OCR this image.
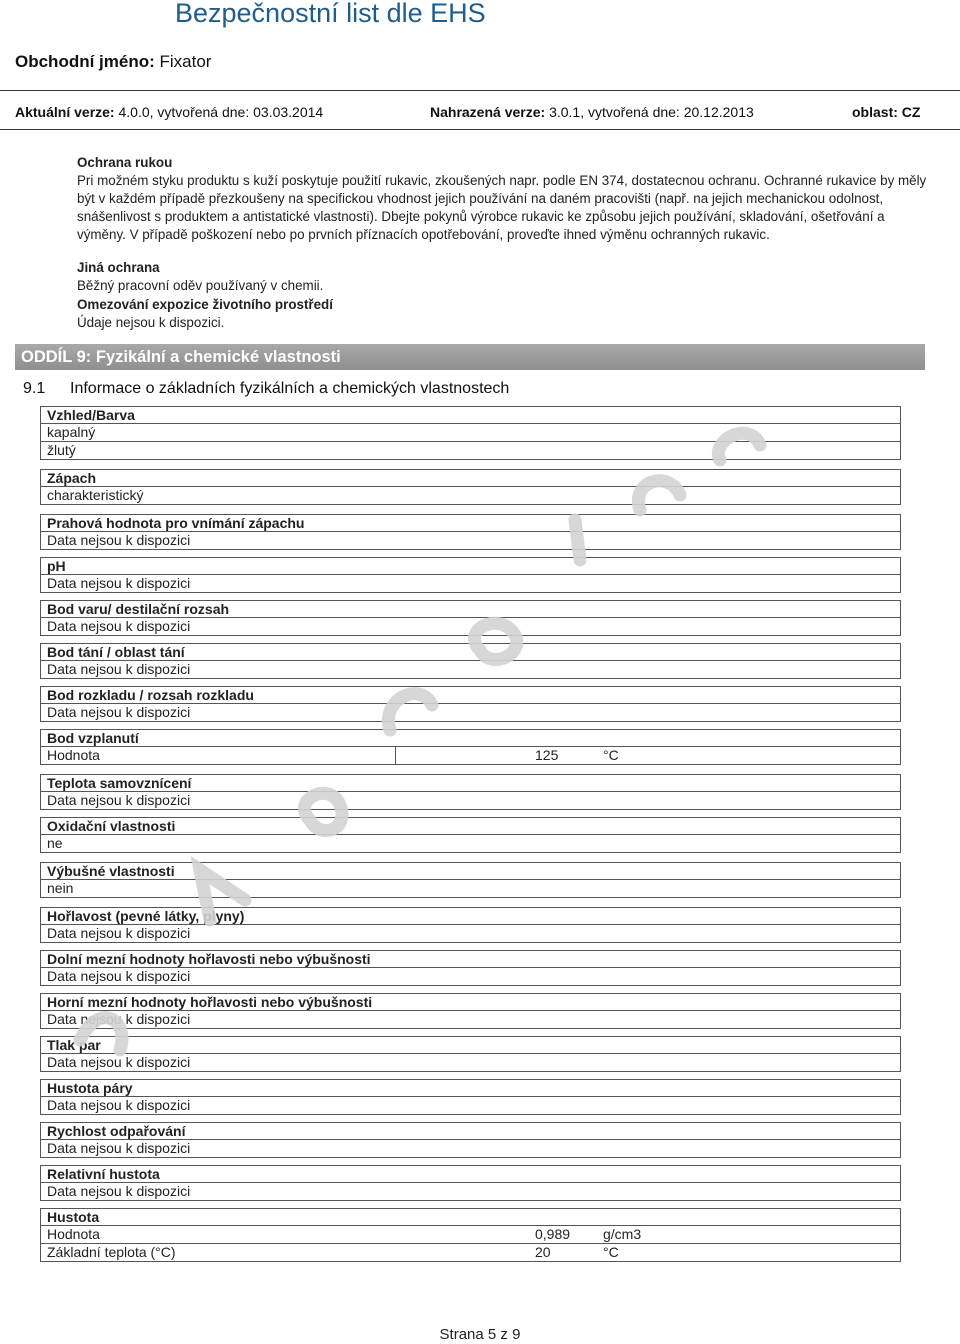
Bezpečnostní list dle EHS
Obchodní jméno: Fixator
Aktuální verze: 4.0.0, vytvořená dne: 03.03.2014	Nahrazená verze: 3.0.1, vytvořená dne: 20.12.2013	oblast: CZ
Ochrana rukou
Pri možném styku produktu s kuží poskytuje použití rukavic, zkoušených napr. podle EN 374, dostatecnou ochranu. Ochranné rukavice by měly být v každém případě přezkoušeny na specifickou vhodnost jejich používání na daném pracovišti (např. na jejich mechanickou odolnost, snášenlivost s produktem a antistatické vlastnosti). Dbejte pokynů výrobce rukavic ke způsobu jejich používání, skladování, ošetřování a výměny. V případě poškození nebo po prvních příznacích opotřebování, proveďte ihned výměnu ochranných rukavic.
Jiná ochrana
Běžný pracovní oděv používaný v chemii.
Omezování expozice životního prostředí
Údaje nejsou k dispozici.
ODDÍL 9: Fyzikální a chemické vlastnosti
9.1 Informace o základních fyzikálních a chemických vlastnostech
Vzhled/Barva
kapalný
žlutý
Zápach
charakteristický
Prahová hodnota pro vnímání zápachu
Data nejsou k dispozici
pH
Data nejsou k dispozici
Bod varu/ destilační rozsah
Data nejsou k dispozici
Bod tání / oblast tání
Data nejsou k dispozici
Bod rozkladu / rozsah rozkladu
Data nejsou k dispozici
Bod vzplanutí
Hodnota	125	°C
Teplota samovznícení
Data nejsou k dispozici
Oxidační vlastnosti
ne
Výbušné vlastnosti
nein
Hořlavost (pevné látky, plyny)
Data nejsou k dispozici
Dolní mezní hodnoty hořlavosti nebo výbušnosti
Data nejsou k dispozici
Horní mezní hodnoty hořlavosti nebo výbušnosti
Data nejsou k dispozici
Tlak par
Data nejsou k dispozici
Hustota páry
Data nejsou k dispozici
Rychlost odpařování
Data nejsou k dispozici
Relativní hustota
Data nejsou k dispozici
Hustota
Hodnota	0,989 g/cm3
Základní teplota (°C)	20	°C
Strana 5 z 9
